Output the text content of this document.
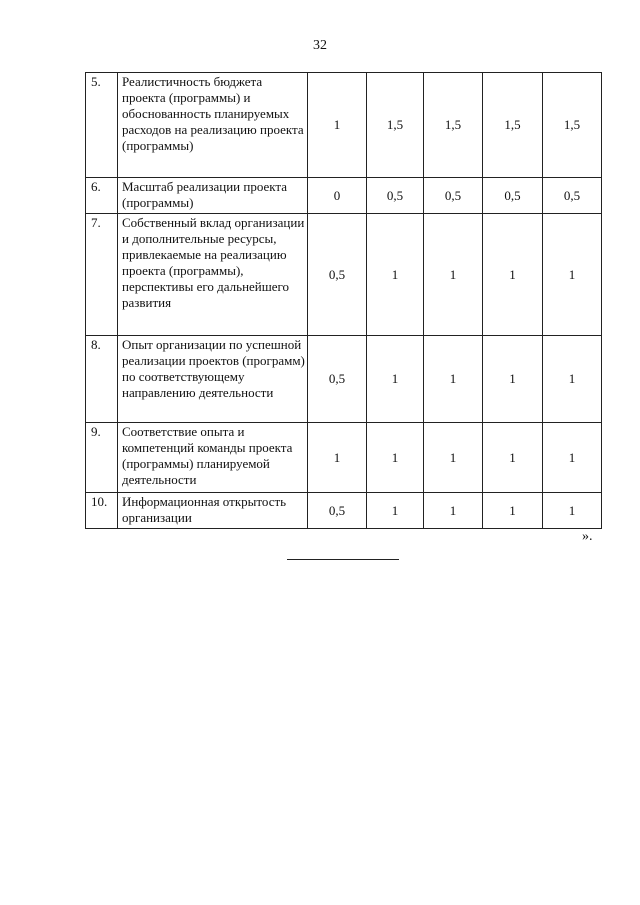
32
5.	Реалистичность бюджета проекта (программы) и обоснованность планируемых расходов на реализацию проекта (программы)	1	1,5	1,5	1,5	1,5
6.	Масштаб реализации проекта (программы)	0	0,5	0,5	0,5	0,5
7.	Собственный вклад организации и дополнительные ресурсы, привлекаемые на реализацию проекта (программы), перспективы его дальнейшего развития	0,5	1	1	1	1
8.	Опыт организации по успешной реализации проектов (программ) по соответствующему направлению деятельности	0,5	1	1	1	1
9.	Соответствие опыта и компетенций команды проекта (программы) планируемой деятельности	1	1	1	1	1
10.	Информационная открытость организации	0,5	1	1	1	1
».
